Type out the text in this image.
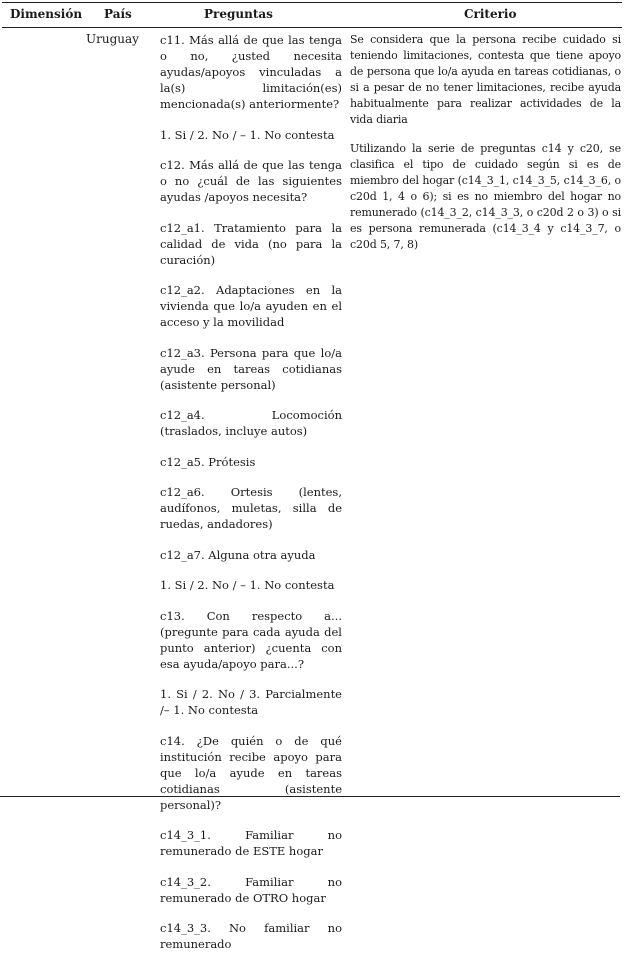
Dimensión País	Preguntas	Criterio
Uruguay c11. Más allá de que las tenga o no, ¿usted necesita ayudas/apoyos vinculadas a la(s) limitación(es) mencionada(s) anteriormente?

1. Si / 2. No / – 1. No contesta

c12. Más allá de que las tenga o no ¿cuál de las siguientes ayudas /apoyos necesita?

c12_a1. Tratamiento para la calidad de vida (no para la curación)

c12_a2. Adaptaciones en la vivienda que lo/a ayuden en el acceso y la movilidad

c12_a3. Persona para que lo/a ayude en tareas cotidianas (asistente personal)

c12_a4. Locomoción (traslados, incluye autos)

c12_a5. Prótesis

c12_a6. Ortesis (lentes, audífonos, muletas, silla de ruedas, andadores)

c12_a7. Alguna otra ayuda

1. Si / 2. No / – 1. No contesta

c13. Con respecto a... (pregunte para cada ayuda del punto anterior) ¿cuenta con esa ayuda/apoyo para...?

1. Si / 2. No / 3. Parcialmente /– 1. No contesta

c14. ¿De quién o de qué institución recibe apoyo para que lo/a ayude en tareas cotidianas (asistente personal)?

c14_3_1. Familiar no remunerado de ESTE hogar

c14_3_2. Familiar no remunerado de OTRO hogar

c14_3_3. No familiar no remunerado

Se considera que la persona recibe cuidado si teniendo limitaciones, contesta que tiene apoyo de persona que lo/a ayuda en tareas cotidianas, o si a pesar de no tener limitaciones, recibe ayuda habitualmente para realizar actividades de la vida diaria

Utilizando la serie de preguntas c14 y c20, se clasifica el tipo de cuidado según si es de miembro del hogar (c14_3_1, c14_3_5, c14_3_6, o c20d 1, 4 o 6); si es no miembro del hogar no remunerado (c14_3_2, c14_3_3, o c20d 2 o 3) o si es persona remunerada (c14_3_4 y c14_3_7, o c20d 5, 7, 8)
